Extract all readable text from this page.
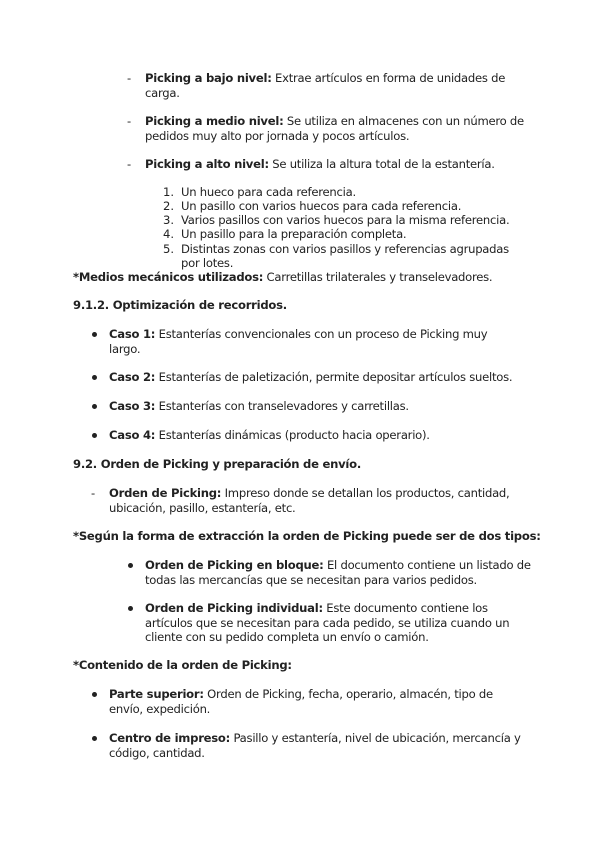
- Picking a bajo nivel: Extrae artículos en forma de unidades de
carga.
- Picking a medio nivel: Se utiliza en almacenes con un número de
pedidos muy alto por jornada y pocos artículos.
- Picking a alto nivel: Se utiliza la altura total de la estantería.
1. Un hueco para cada referencia.
2. Un pasillo con varios huecos para cada referencia.
3. Varios pasillos con varios huecos para la misma referencia.
4. Un pasillo para la preparación completa.
5. Distintas zonas con varios pasillos y referencias agrupadas
por lotes.
*Medios mecánicos utilizados: Carretillas trilaterales y transelevadores.
9.1.2. Optimización de recorridos.
Caso 1: Estanterías convencionales con un proceso de Picking muy
largo.
Caso 2: Estanterías de paletización, permite depositar artículos sueltos.
Caso 3: Estanterías con transelevadores y carretillas.
Caso 4: Estanterías dinámicas (producto hacia operario).
9.2. Orden de Picking y preparación de envío.
- Orden de Picking: Impreso donde se detallan los productos, cantidad,
ubicación, pasillo, estantería, etc.
*Según la forma de extracción la orden de Picking puede ser de dos tipos:
Orden de Picking en bloque: El documento contiene un listado de
todas las mercancías que se necesitan para varios pedidos.
Orden de Picking individual: Este documento contiene los
artículos que se necesitan para cada pedido, se utiliza cuando un
cliente con su pedido completa un envío o camión.
*Contenido de la orden de Picking:
Parte superior: Orden de Picking, fecha, operario, almacén, tipo de
envío, expedición.
Centro de impreso: Pasillo y estantería, nivel de ubicación, mercancía y
código, cantidad.
